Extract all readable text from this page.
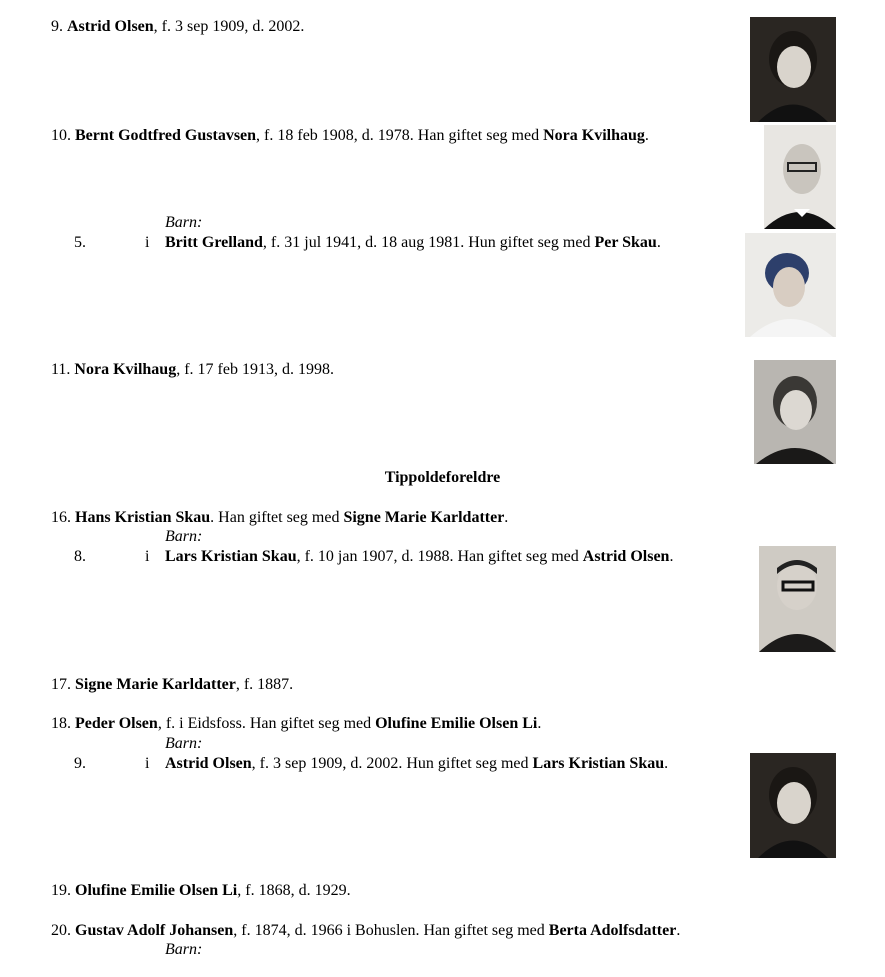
9. Astrid Olsen, f. 3 sep 1909, d. 2002.
10. Bernt Godtfred Gustavsen, f. 18 feb 1908, d. 1978. Han giftet seg med Nora Kvilhaug.
Barn:
5.	i Britt Grelland, f. 31 jul 1941, d. 18 aug 1981. Hun giftet seg med Per Skau.
11. Nora Kvilhaug, f. 17 feb 1913, d. 1998.
Tippoldeforeldre
16. Hans Kristian Skau. Han giftet seg med Signe Marie Karldatter.
Barn:
8.	i Lars Kristian Skau, f. 10 jan 1907, d. 1988. Han giftet seg med Astrid Olsen.
17. Signe Marie Karldatter, f. 1887.
18. Peder Olsen, f. i Eidsfoss. Han giftet seg med Olufine Emilie Olsen Li.
Barn:
9.	i Astrid Olsen, f. 3 sep 1909, d. 2002. Hun giftet seg med Lars Kristian Skau.
19. Olufine Emilie Olsen Li, f. 1868, d. 1929.
20. Gustav Adolf Johansen, f. 1874, d. 1966 i Bohuslen. Han giftet seg med Berta Adolfsdatter.
Barn:
